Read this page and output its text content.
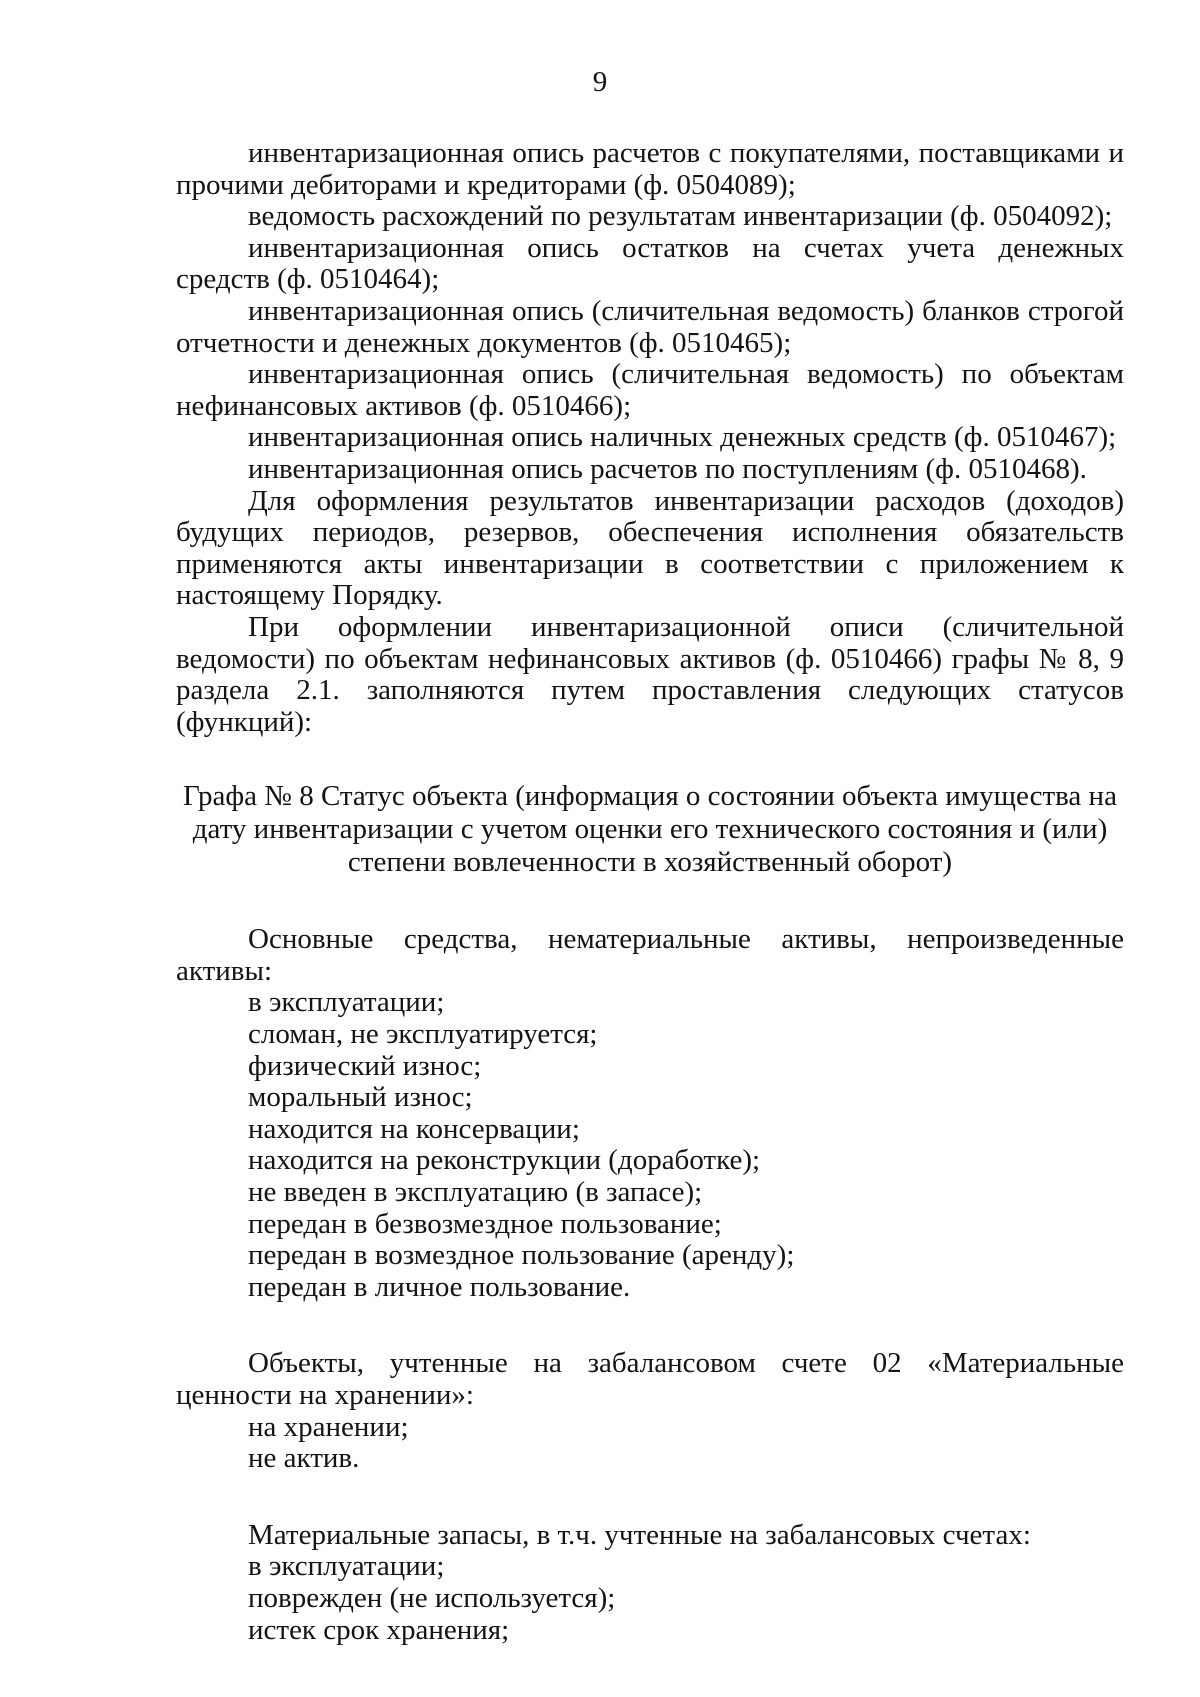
9

инвентаризационная опись расчетов с покупателями, поставщиками и прочими дебиторами и кредиторами (ф. 0504089);

ведомость расхождений по результатам инвентаризации (ф. 0504092);

инвентаризационная опись остатков на счетах учета денежных средств (ф. 0510464);

инвентаризационная опись (сличительная ведомость) бланков строгой отчетности и денежных документов (ф. 0510465);

инвентаризационная опись (сличительная ведомость) по объектам нефинансовых активов (ф. 0510466);

инвентаризационная опись наличных денежных средств (ф. 0510467);

инвентаризационная опись расчетов по поступлениям (ф. 0510468).

Для оформления результатов инвентаризации расходов (доходов) будущих периодов, резервов, обеспечения исполнения обязательств применяются акты инвентаризации в соответствии с приложением к настоящему Порядку.

При оформлении инвентаризационной описи (сличительной ведомости) по объектам нефинансовых активов (ф. 0510466) графы № 8, 9 раздела 2.1. заполняются путем проставления следующих статусов (функций):

Графа № 8 Статус объекта (информация о состоянии объекта имущества на
дату инвентаризации с учетом оценки его технического состояния и (или)
степени вовлеченности в хозяйственный оборот)

Основные средства, нематериальные активы, непроизведенные активы:

в эксплуатации;

сломан, не эксплуатируется;

физический износ;

моральный износ;

находится на консервации;

находится на реконструкции (доработке);

не введен в эксплуатацию (в запасе);

передан в безвозмездное пользование;

передан в возмездное пользование (аренду);

передан в личное пользование.

Объекты, учтенные на забалансовом счете 02 «Материальные ценности на хранении»:

на хранении;

не актив.

Материальные запасы, в т.ч. учтенные на забалансовых счетах:

в эксплуатации;

поврежден (не используется);

истек срок хранения;
